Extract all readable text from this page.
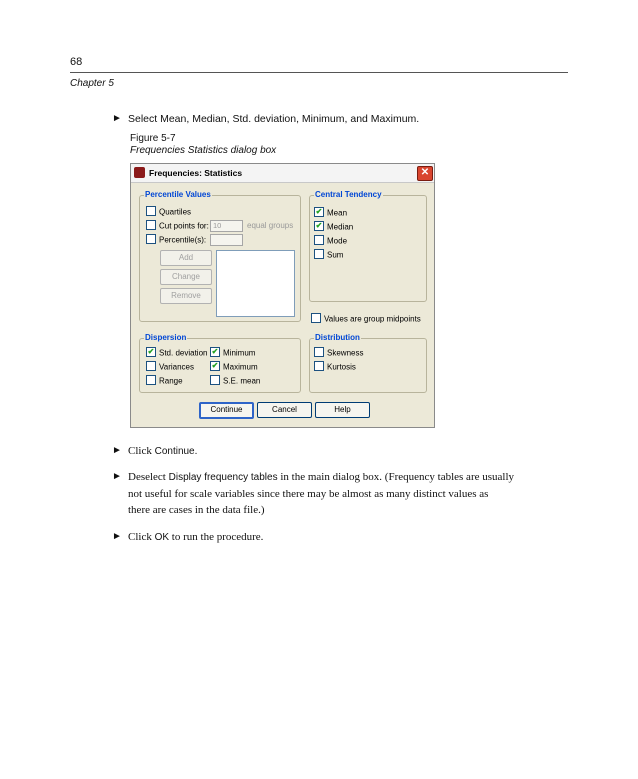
68
Chapter 5
► Select Mean, Median, Std. deviation, Minimum, and Maximum.
Figure 5-7
Frequencies Statistics dialog box
Frequencies: Statistics	✕
Percentile Values
Quartiles
Cut points for: 10	equal groups
Percentile(s):
Add
Change
Remove
Central Tendency
✔ Mean
✔ Median
Mode
Sum
Values are group midpoints
Dispersion
✔ Std. deviation ✔ Minimum
Variances ✔ Maximum
Range	S.E. mean
Distribution
Skewness
Kurtosis
Continue	Cancel	Help
► Click Continue.
► Deselect Display frequency tables in the main dialog box. (Frequency tables are usually
not useful for scale variables since there may be almost as many distinct values as
there are cases in the data file.)
► Click OK to run the procedure.
